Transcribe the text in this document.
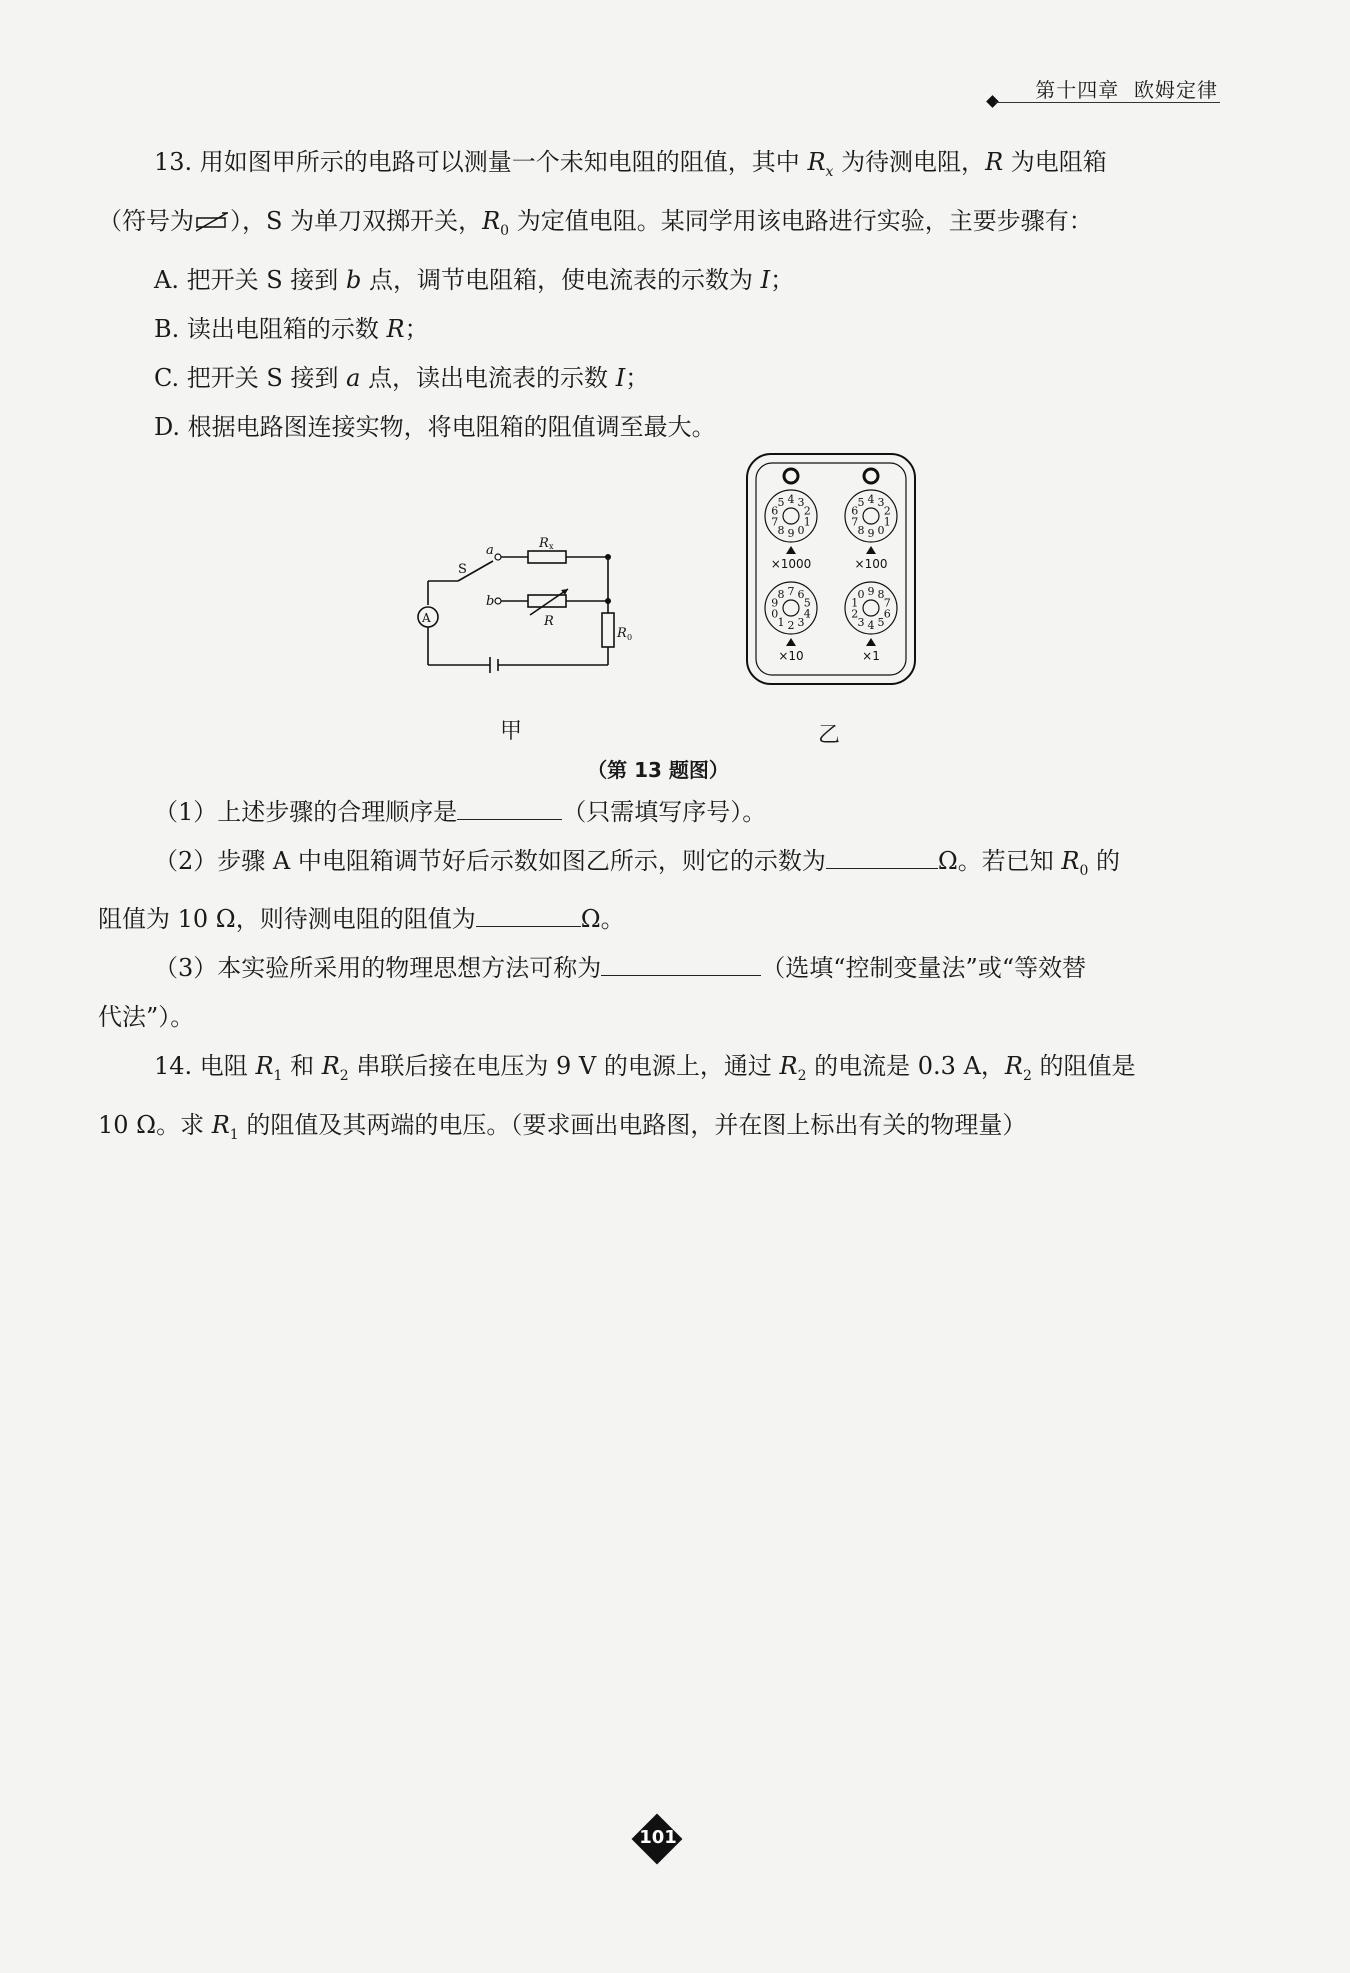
第十四章 欧姆定律

13. 用如图甲所示的电路可以测量一个未知电阻的阻值，其中 $R_x$ 为待测电阻，R 为电阻箱

（符号为 ），S 为单刀双掷开关，$R_0$ 为定值电阻。某同学用该电路进行实验，主要步骤有：

A. 把开关 S 接到 b 点，调节电阻箱，使电流表的示数为 I；

B. 读出电阻箱的示数 R；

C. 把开关 S 接到 a 点，读出电流表的示数 I；

D. 根据电路图连接实物，将电阻箱的阻值调至最大。

a
b
S
A
R x
R
R 0
×1000	×100
×10	×1
6
5 4 3
2
1
0
9
8
7
6
5 4 3
2
1
0
9
8
7
9
8 7 6
5
4
3
2
1
0
1
0 9 8
7
6
5
4
3
2
甲	乙

（第 13 题图）

（1）上述步骤的合理顺序是	（只需填写序号）。

（2）步骤 A 中电阻箱调节好后示数如图乙所示，则它的示数为	Ω。若已知 $R_0$ 的

阻值为 10 Ω，则待测电阻的阻值为	Ω。

（3）本实验所采用的物理思想方法可称为	（选填“控制变量法”或“等效替

代法”）。

14. 电阻 $R_1$ 和 $R_2$ 串联后接在电压为 9 V 的电源上，通过 $R_2$ 的电流是 0.3 A，$R_2$ 的阻值是

10 Ω。求 $R_1$ 的阻值及其两端的电压。（要求画出电路图，并在图上标出有关的物理量）

101
